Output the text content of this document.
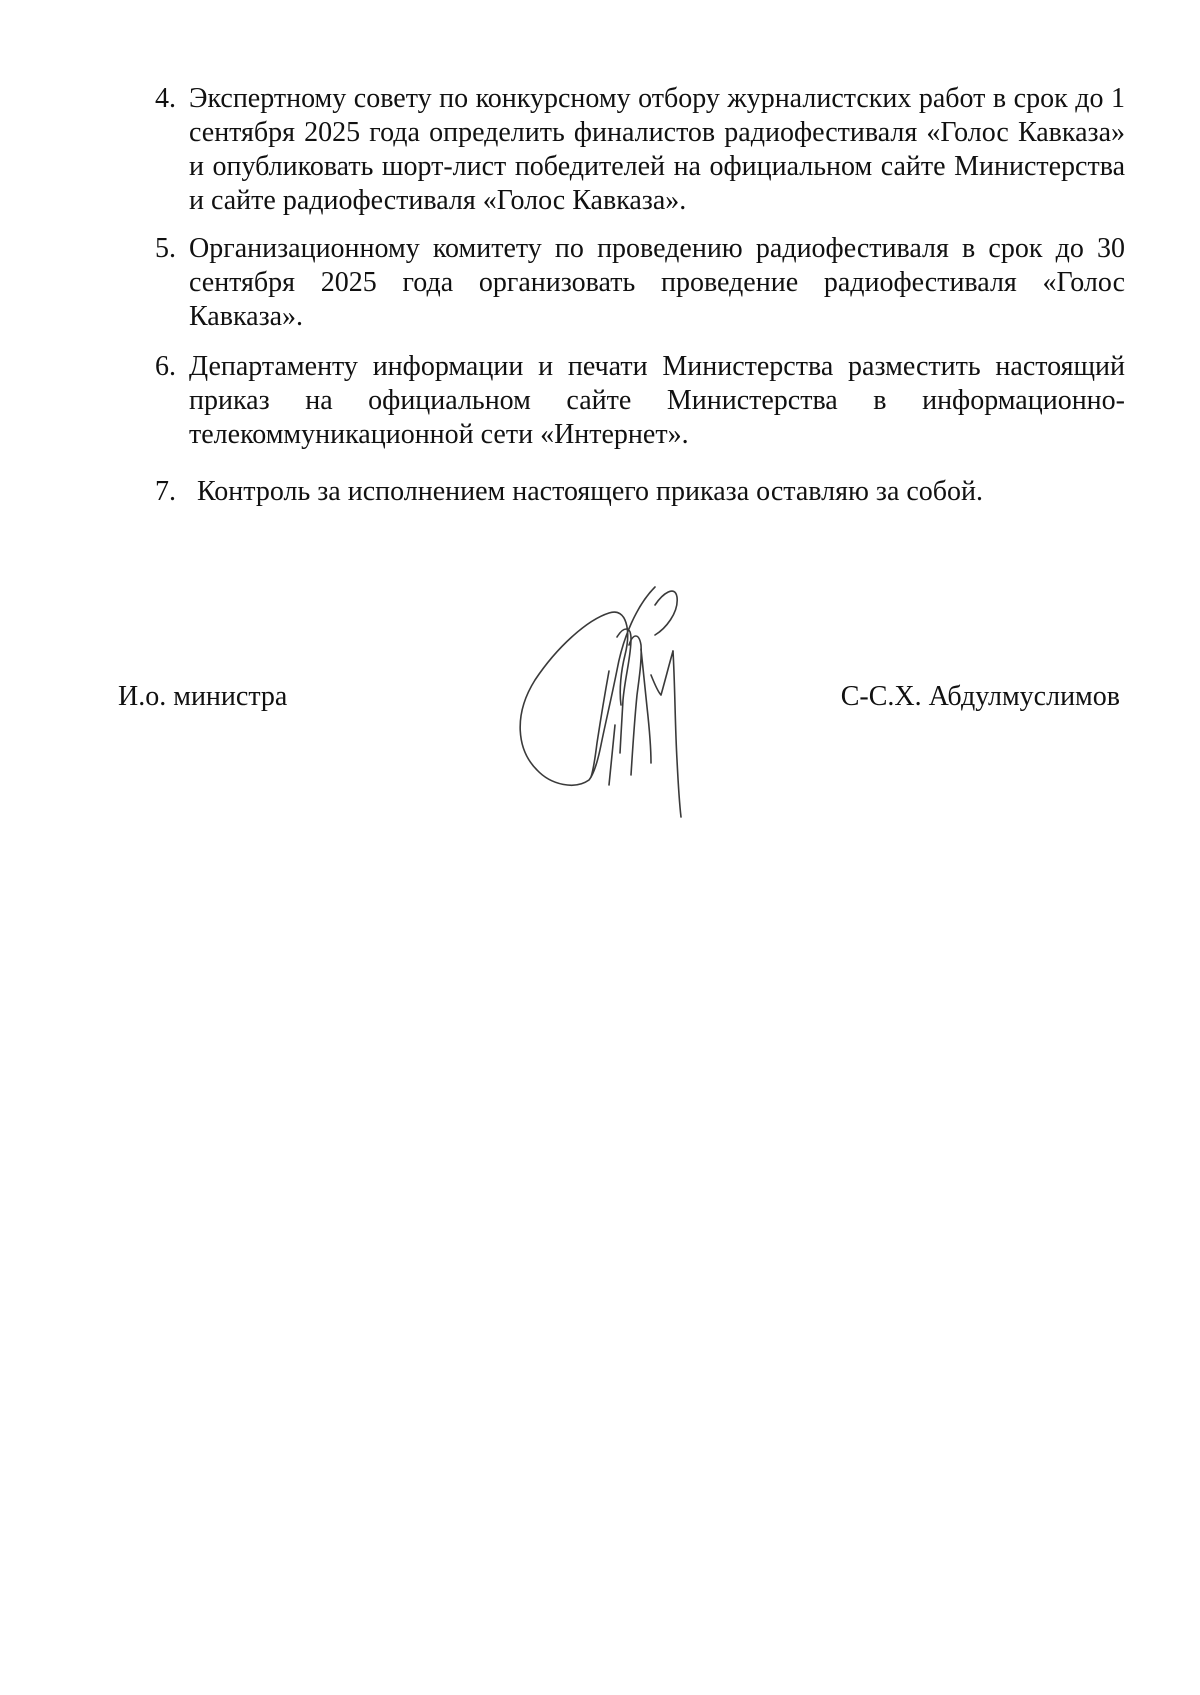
4. Экспертному совету по конкурсному отбору журналистских работ в срок до 1 сентября 2025 года определить финалистов радиофестиваля «Голос Кавказа» и опубликовать шорт-лист победителей на официальном сайте Министерства и сайте радиофестиваля «Голос Кавказа».
5. Организационному комитету по проведению радиофестиваля в срок до 30 сентября 2025 года организовать проведение радиофестиваля «Голос Кавказа».
6. Департаменту информации и печати Министерства разместить настоящий приказ на официальном сайте Министерства в информационно-телекоммуникационной сети «Интернет».
7. Контроль за исполнением настоящего приказа оставляю за собой.
И.о. министра	С-С.Х. Абдулмуслимов
